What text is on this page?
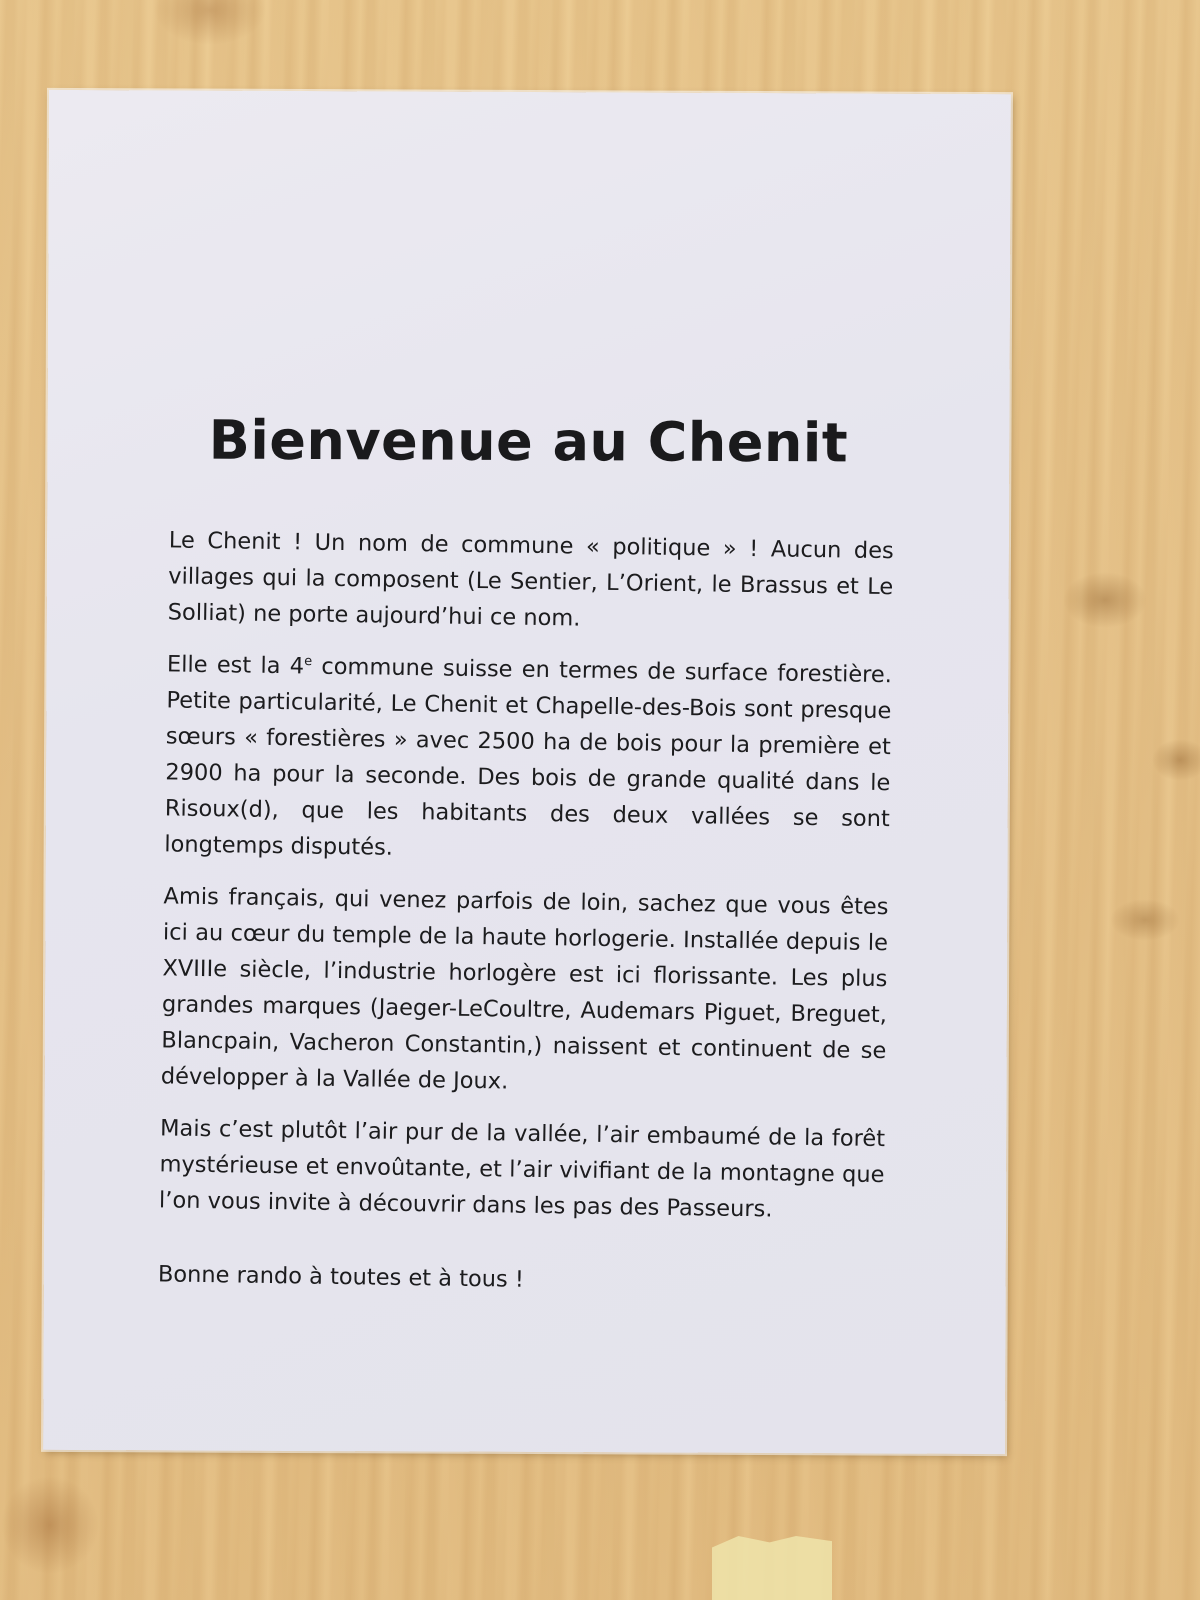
Bienvenue au Chenit

Le Chenit ! Un nom de commune « politique » ! Aucun des villages qui la composent (Le Sentier, L’Orient, le Brassus et Le Solliat) ne porte aujourd’hui ce nom.

Elle est la 4e commune suisse en termes de surface forestière. Petite particularité, Le Chenit et Chapelle-des-Bois sont presque sœurs « forestières » avec 2500 ha de bois pour la première et 2900 ha pour la seconde. Des bois de grande qualité dans le Risoux(d), que les habitants des deux vallées se sont longtemps disputés.

Amis français, qui venez parfois de loin, sachez que vous êtes ici au cœur du temple de la haute horlogerie. Installée depuis le XVIIIe siècle, l’industrie horlogère est ici florissante. Les plus grandes marques (Jaeger-LeCoultre, Audemars Piguet, Breguet, Blancpain, Vacheron Constantin,) naissent et continuent de se développer à la Vallée de Joux.

Mais c’est plutôt l’air pur de la vallée, l’air embaumé de la forêt mystérieuse et envoûtante, et l’air vivifiant de la montagne que l’on vous invite à découvrir dans les pas des Passeurs.

Bonne rando à toutes et à tous !
